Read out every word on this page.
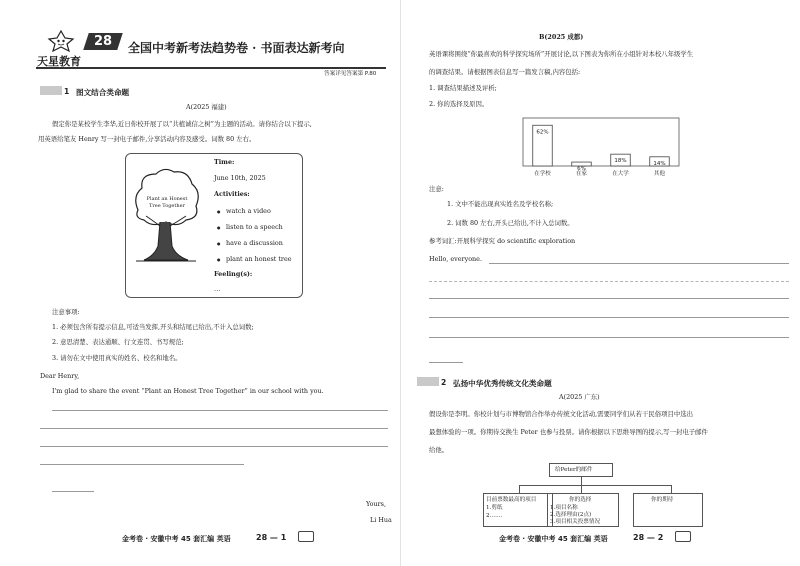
28
天星教育
全国中考新考法趋势卷 · 书面表达新考向
答案详见答案第 P.80
1 图文结合类命题
A(2025 福建)
假定你是某校学生李华,近日你校开展了以“共植诚信之树”为主题的活动。请你结合以下提示,
用英语给笔友 Henry 写一封电子邮件,分享活动内容及感受。词数 80 左右。
Plant an Honest
Tree Together
Time:
June 10th, 2025
Activities:
● watch a video
● listen to a speech
● have a discussion
● plant an honest tree
Feeling(s):
…
注意事项:
1. 必须包含所有提示信息,可适当发挥,开头和结尾已给出,不计入总词数;
2. 意思清楚、表达通顺、行文连贯、书写规范;
3. 请勿在文中使用真实的姓名、校名和地名。
Dear Henry,
I'm glad to share the event “Plant an Honest Tree Together” in our school with you.
Yours,
Li Hua
金考卷 · 安徽中考 45 套汇编 英语	28 — 1
B(2025 成都)
英语课将围绕“你最喜欢的科学探究场所”开展讨论,以下图表为你所在小组针对本校八年级学生
的调查结果。请根据图表信息写一篇发言稿,内容包括:
1. 调查结果描述及评析;
2. 你的选择及原因。
62%
在学校
6%
在家
18%
在大学
14%
其他
注意:
1. 文中不能出现真实姓名及学校名称;
2. 词数 80 左右,开头已给出,不计入总词数。
参考词汇:开展科学探究 do scientific exploration
Hello, everyone.
2 弘扬中华优秀传统文化类命题
A(2025 广东)
假设你是李明。你校计划与市博物馆合作举办传统文化活动,需要同学们从若干民俗项目中选出
最想体验的一项。你期待交换生 Peter 也参与投票。请你根据以下思维导图的提示,写一封电子邮件
给他。
给Peter的邮件
目前票数最高的项目
1.剪纸
2.……
你的选择
1.项目名称
2.选择理由(2点)
3.项目相关投票情况
你的期待
金考卷 · 安徽中考 45 套汇编 英语	28 — 2
